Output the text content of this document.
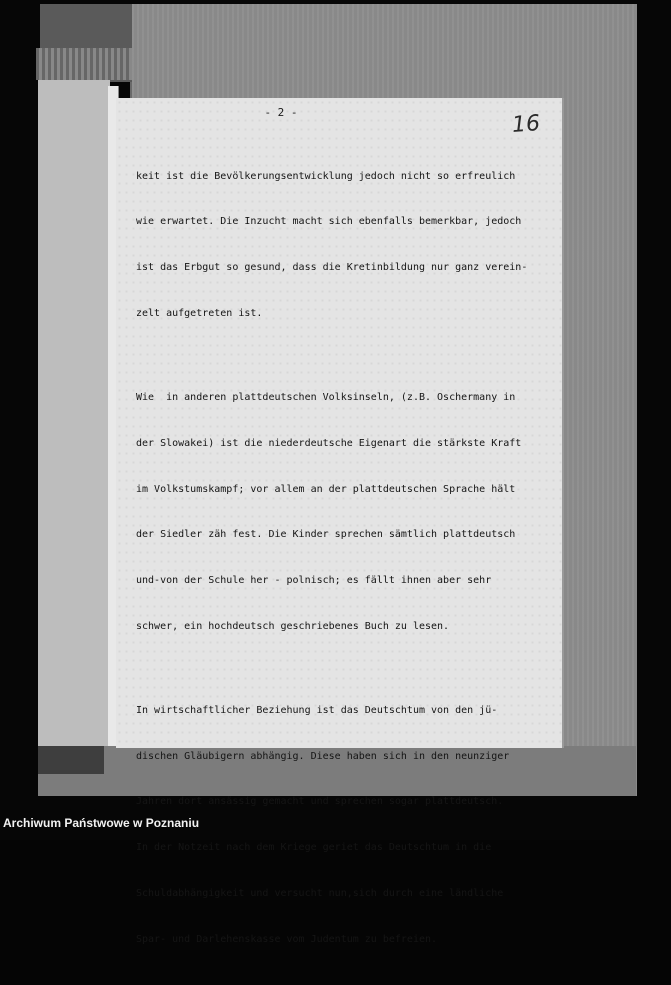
- 2 -	16

keit ist die Bevölkerungsentwicklung jedoch nicht so erfreulich

wie erwartet. Die Inzucht macht sich ebenfalls bemerkbar, jedoch

ist das Erbgut so gesund, dass die Kretinbildung nur ganz verein-

zelt aufgetreten ist.

Wie  in anderen plattdeutschen Volksinseln, (z.B. Oschermany in

der Slowakei) ist die niederdeutsche Eigenart die stärkste Kraft

im Volkstumskampf; vor allem an der plattdeutschen Sprache hält

der Siedler zäh fest. Die Kinder sprechen sämtlich plattdeutsch

und-von der Schule her - polnisch; es fällt ihnen aber sehr

schwer, ein hochdeutsch geschriebenes Buch zu lesen.

In wirtschaftlicher Beziehung ist das Deutschtum von den jü-

dischen Gläubigern abhängig. Diese haben sich in den neunziger

Jahren dort ansässig gemacht und sprechen sogar plattdeutsch.

In der Notzeit nach dem Kriege geriet das Deutschtum in die

Schuldabhängigkeit und versucht nun,sich durch eine ländliche

Spar- und Darlehenskasse vom Judentum zu befreien.

Archiwum Państwowe w Poznaniu
